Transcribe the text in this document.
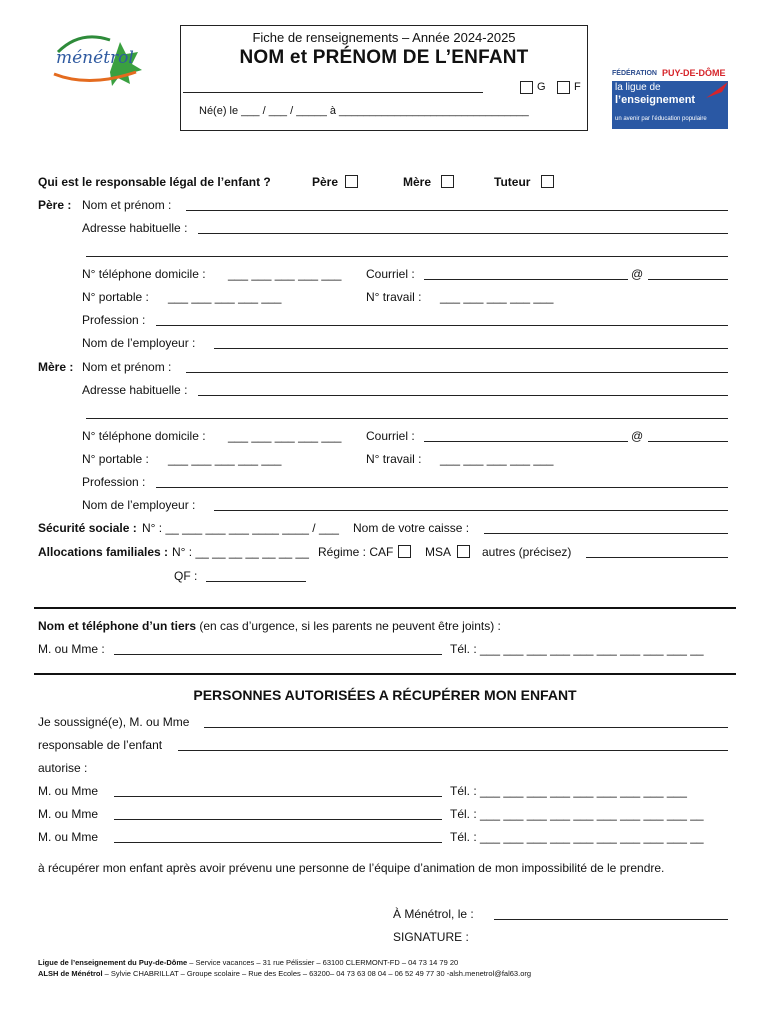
ménétrol
Fiche de renseignements – Année 2024-2025
NOM et PRÉNOM DE L’ENFANT
G	F
Né(e) le ___ / ___ / _____ à _______________________________
FÉDÉRATION PUY-DE-DÔME
la ligue de
l’enseignement
un avenir par l’éducation populaire
Qui est le responsable légal de l’enfant ?	Père	Mère	Tuteur
Père : Nom et prénom :
Adresse habituelle :
N° téléphone domicile : ___ ___ ___ ___ ___ Courriel :	@
N° portable : ___ ___ ___ ___ ___	N° travail : ___ ___ ___ ___ ___
Profession :
Nom de l’employeur :
Mère : Nom et prénom :
Adresse habituelle :
N° téléphone domicile : ___ ___ ___ ___ ___ Courriel :	@
N° portable : ___ ___ ___ ___ ___	N° travail : ___ ___ ___ ___ ___
Profession :
Nom de l’employeur :
Sécurité sociale : N° : __ ___ ___ ___ ____ ____ / ___ Nom de votre caisse :
Allocations familiales : N° : __ __ __ __ __ __ __ Régime : CAF	MSA	autres (précisez)
QF :
Nom et téléphone d’un tiers (en cas d’urgence, si les parents ne peuvent être joints) :
M. ou Mme :	Tél. : ___ ___ ___ ___ ___ ___ ___ ___ ___ __
PERSONNES AUTORISÉES A RÉCUPÉRER MON ENFANT
Je soussigné(e), M. ou Mme
responsable de l’enfant
autorise :
M. ou Mme	Tél. : ___ ___ ___ ___ ___ ___ ___ ___ ___
M. ou Mme	Tél. : ___ ___ ___ ___ ___ ___ ___ ___ ___ __
M. ou Mme	Tél. : ___ ___ ___ ___ ___ ___ ___ ___ ___ __
à récupérer mon enfant après avoir prévenu une personne de l’équipe d’animation de mon impossibilité de le prendre.
À Ménétrol, le :
SIGNATURE :
Ligue de l’enseignement du Puy-de-Dôme – Service vacances – 31 rue Pélissier – 63100 CLERMONT-FD – 04 73 14 79 20
ALSH de Ménétrol – Sylvie CHABRILLAT – Groupe scolaire – Rue des Ecoles – 63200– 04 73 63 08 04 – 06 52 49 77 30 -alsh.menetrol@fal63.org
